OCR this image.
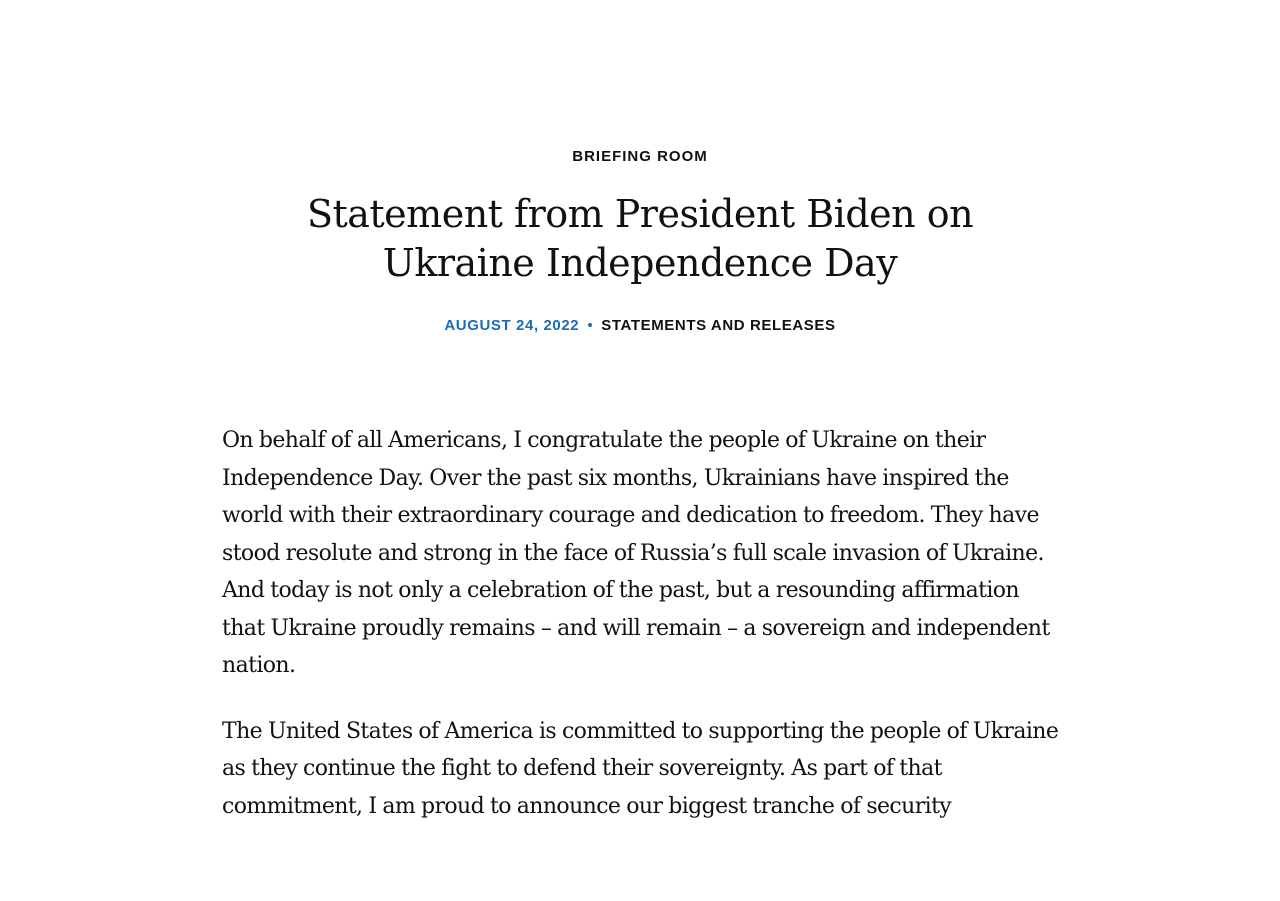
BRIEFING ROOM
Statement from President Biden on Ukraine Independence Day
AUGUST 24, 2022 STATEMENTS AND RELEASES

On behalf of all Americans, I congratulate the people of Ukraine on their Independence Day. Over the past six months, Ukrainians have inspired the world with their extraordinary courage and dedication to freedom. They have stood resolute and strong in the face of Russia’s full scale invasion of Ukraine. And today is not only a celebration of the past, but a resounding affirmation that Ukraine proudly remains – and will remain – a sovereign and independent nation.

The United States of America is committed to supporting the people of Ukraine as they continue the fight to defend their sovereignty. As part of that commitment, I am proud to announce our biggest tranche of security
